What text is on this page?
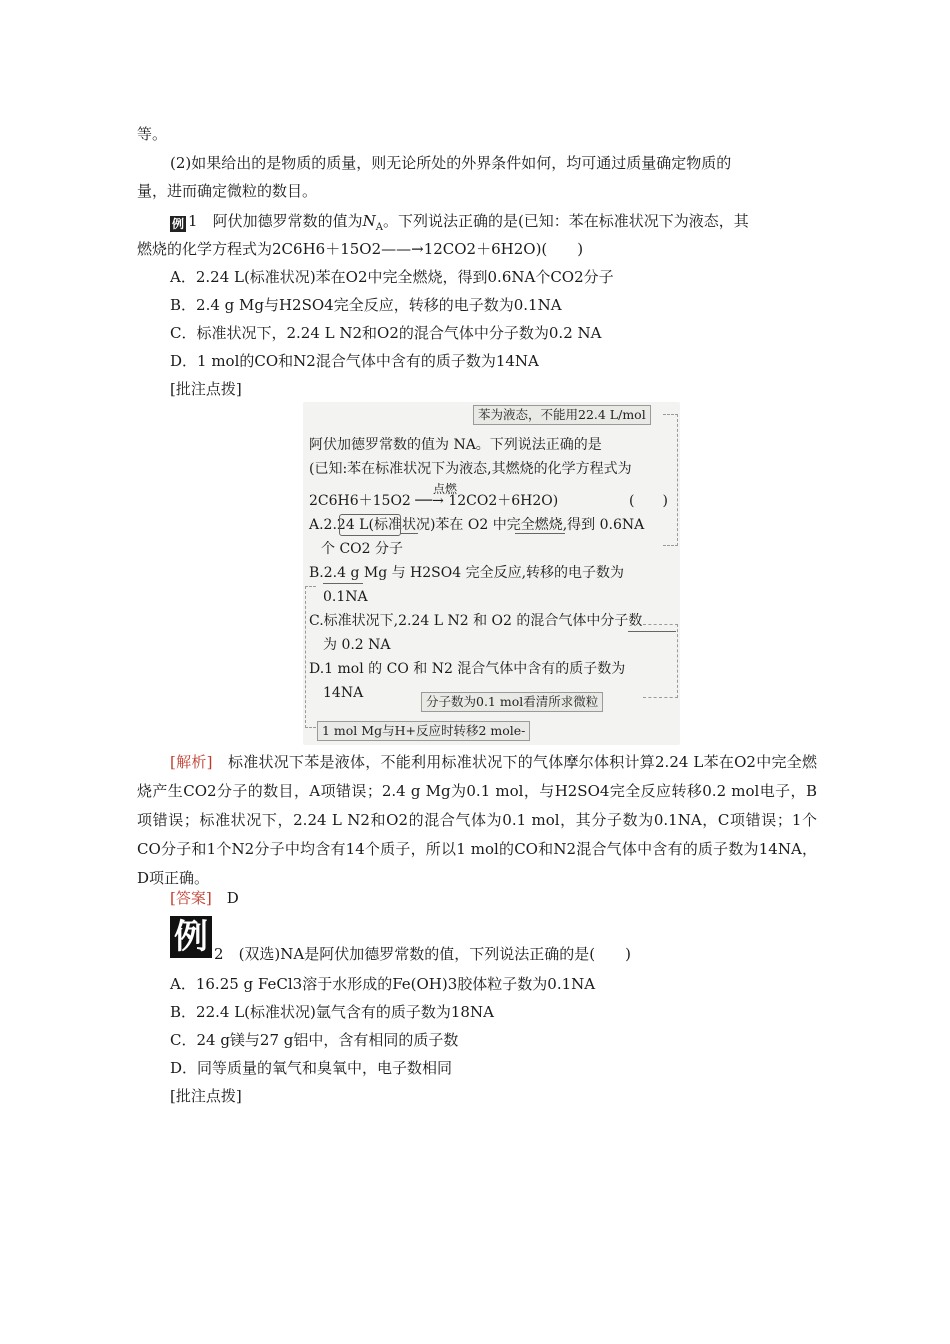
等。
(2)如果给出的是物质的质量，则无论所处的外界条件如何，均可通过质量确定物质的
量，进而确定微粒的数目。
例 1　 阿伏加德罗常数的值为$N_A$。下列说法正确的是(已知：苯在标准状况下为液态，其
燃烧的化学方程式为2C6H6＋15O2——→12CO2＋6H2O)(　　)
A．2.24 L(标准状况)苯在O2中完全燃烧，得到0.6NA个CO2分子
B．2.4 g Mg与H2SO4完全反应，转移的电子数为0.1NA
C．标准状况下，2.24 L N2和O2的混合气体中分子数为0.2 NA
D．1 mol的CO和N2混合气体中含有的质子数为14NA
[批注点拨]
苯为液态，不能用22.4 L/mol
阿伏加德罗常数的值为 NA。下列说法正确的是
(已知:苯在标准状况下为液态,其燃烧的化学方程式为
点燃
2C6H6＋15O2 ──→ 12CO2＋6H2O)	(　　)
A.2.24 L(标准状况)苯在 O2 中完全燃烧,得到 0.6NA
个 CO2 分子
B.2.4 g Mg 与 H2SO4 完全反应,转移的电子数为
0.1NA
C.标准状况下,2.24 L N2 和 O2 的混合气体中分子数
为 0.2 NA
D.1 mol 的 CO 和 N2 混合气体中含有的质子数为
14NA
分子数为0.1 mol看清所求微粒
1 mol Mg与H+反应时转移2 mole-
[解析]　 标准状况下苯是液体，不能利用标准状况下的气体摩尔体积计算2.24 L苯在O2中完全燃烧产生CO2分子的数目，A项错误；2.4 g Mg为0.1 mol，与H2SO4完全反应转移0.2 mol电子，B项错误；标准状况下，2.24 L N2和O2的混合气体为0.1 mol，其分子数为0.1NA，C项错误；1个CO分子和1个N2分子中均含有14个质子，所以1 mol的CO和N2混合气体中含有的质子数为14NA，D项正确。
[答案]　 D
例 2　 (双选)NA是阿伏加德罗常数的值，下列说法正确的是(　　)
A．16.25 g FeCl3溶于水形成的Fe(OH)3胶体粒子数为0.1NA
B．22.4 L(标准状况)氩气含有的质子数为18NA
C．24 g镁与27 g铝中，含有相同的质子数
D．同等质量的氧气和臭氧中，电子数相同
[批注点拨]
